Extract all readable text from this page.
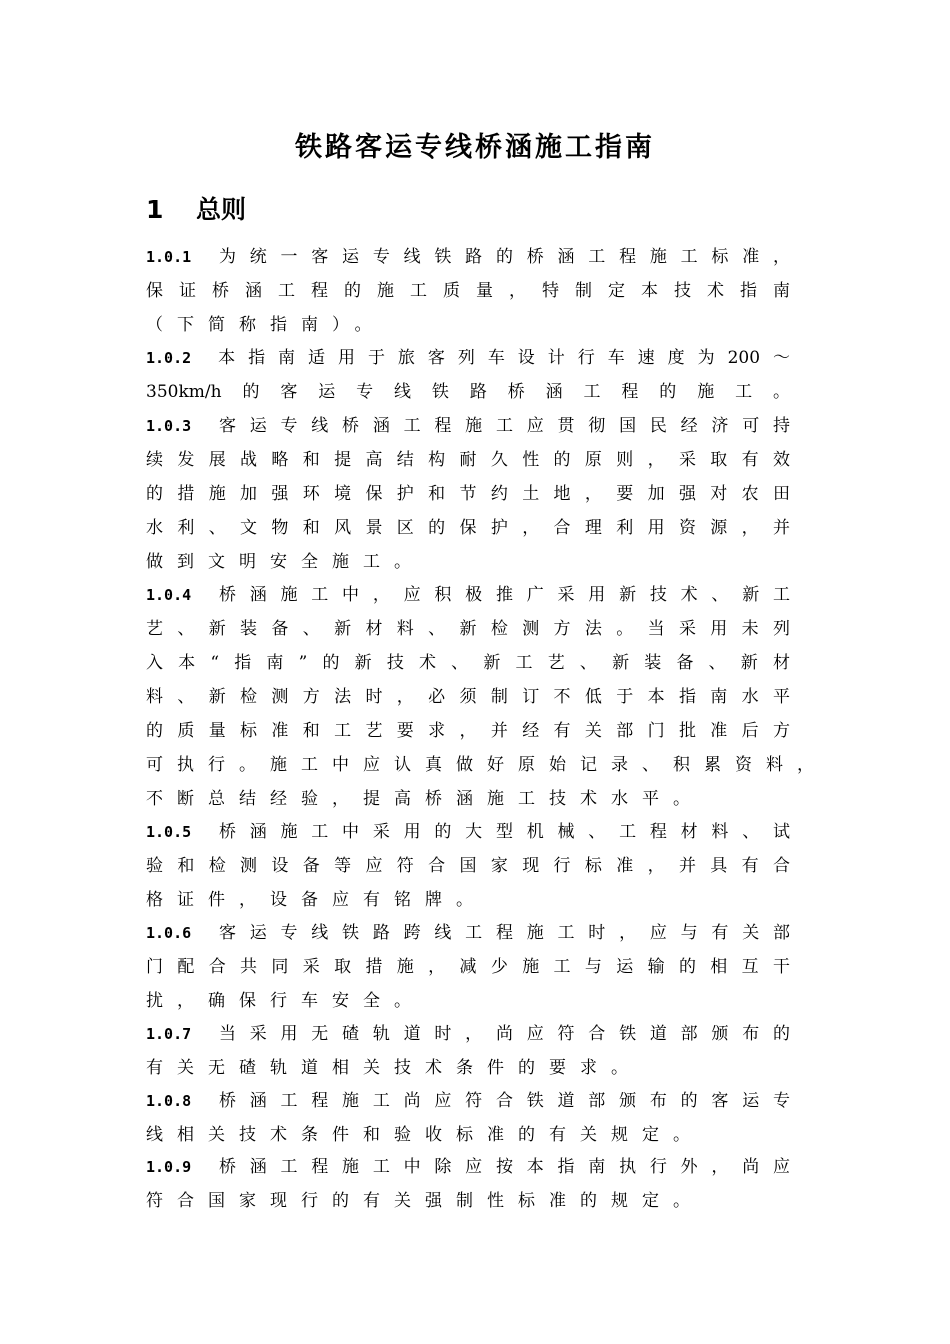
铁路客运专线桥涵施工指南
1 总则
1.0.1 为统一客运专线铁路的桥涵工程施工标准，
保证桥涵工程的施工质量，特制定本技术指南
（下简称指南）。
1.0.2 本指南适用于旅客列车设计行车速度为200～
350km/h的客运专线铁路桥涵工程的施工。
1.0.3 客运专线桥涵工程施工应贯彻国民经济可持
续发展战略和提高结构耐久性的原则，采取有效
的措施加强环境保护和节约土地，要加强对农田
水利、文物和风景区的保护，合理利用资源，并
做到文明安全施工。
1.0.4 桥涵施工中，应积极推广采用新技术、新工
艺、新装备、新材料、新检测方法。当采用未列
入本“指南”的新技术、新工艺、新装备、新材
料、新检测方法时，必须制订不低于本指南水平
的质量标准和工艺要求，并经有关部门批准后方
可执行。施工中应认真做好原始记录、积累资料，
不断总结经验，提高桥涵施工技术水平。
1.0.5 桥涵施工中采用的大型机械、工程材料、试
验和检测设备等应符合国家现行标准，并具有合
格证件，设备应有铭牌。
1.0.6 客运专线铁路跨线工程施工时，应与有关部
门配合共同采取措施，减少施工与运输的相互干
扰，确保行车安全。
1.0.7 当采用无碴轨道时，尚应符合铁道部颁布的
有关无碴轨道相关技术条件的要求。
1.0.8 桥涵工程施工尚应符合铁道部颁布的客运专
线相关技术条件和验收标准的有关规定。
1.0.9 桥涵工程施工中除应按本指南执行外，尚应
符合国家现行的有关强制性标准的规定。
